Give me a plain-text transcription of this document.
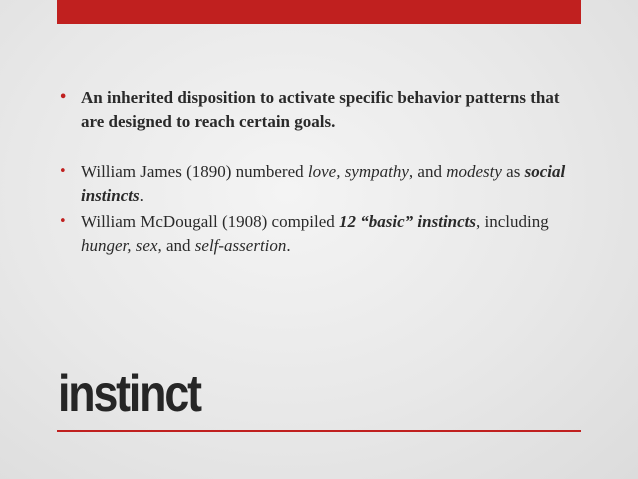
• An inherited disposition to activate specific behavior patterns that are designed to reach certain goals.
• William James (1890) numbered love, sympathy, and modesty as social instincts.
• William McDougall (1908) compiled 12 “basic” instincts, including hunger, sex, and self-assertion.
instinct
